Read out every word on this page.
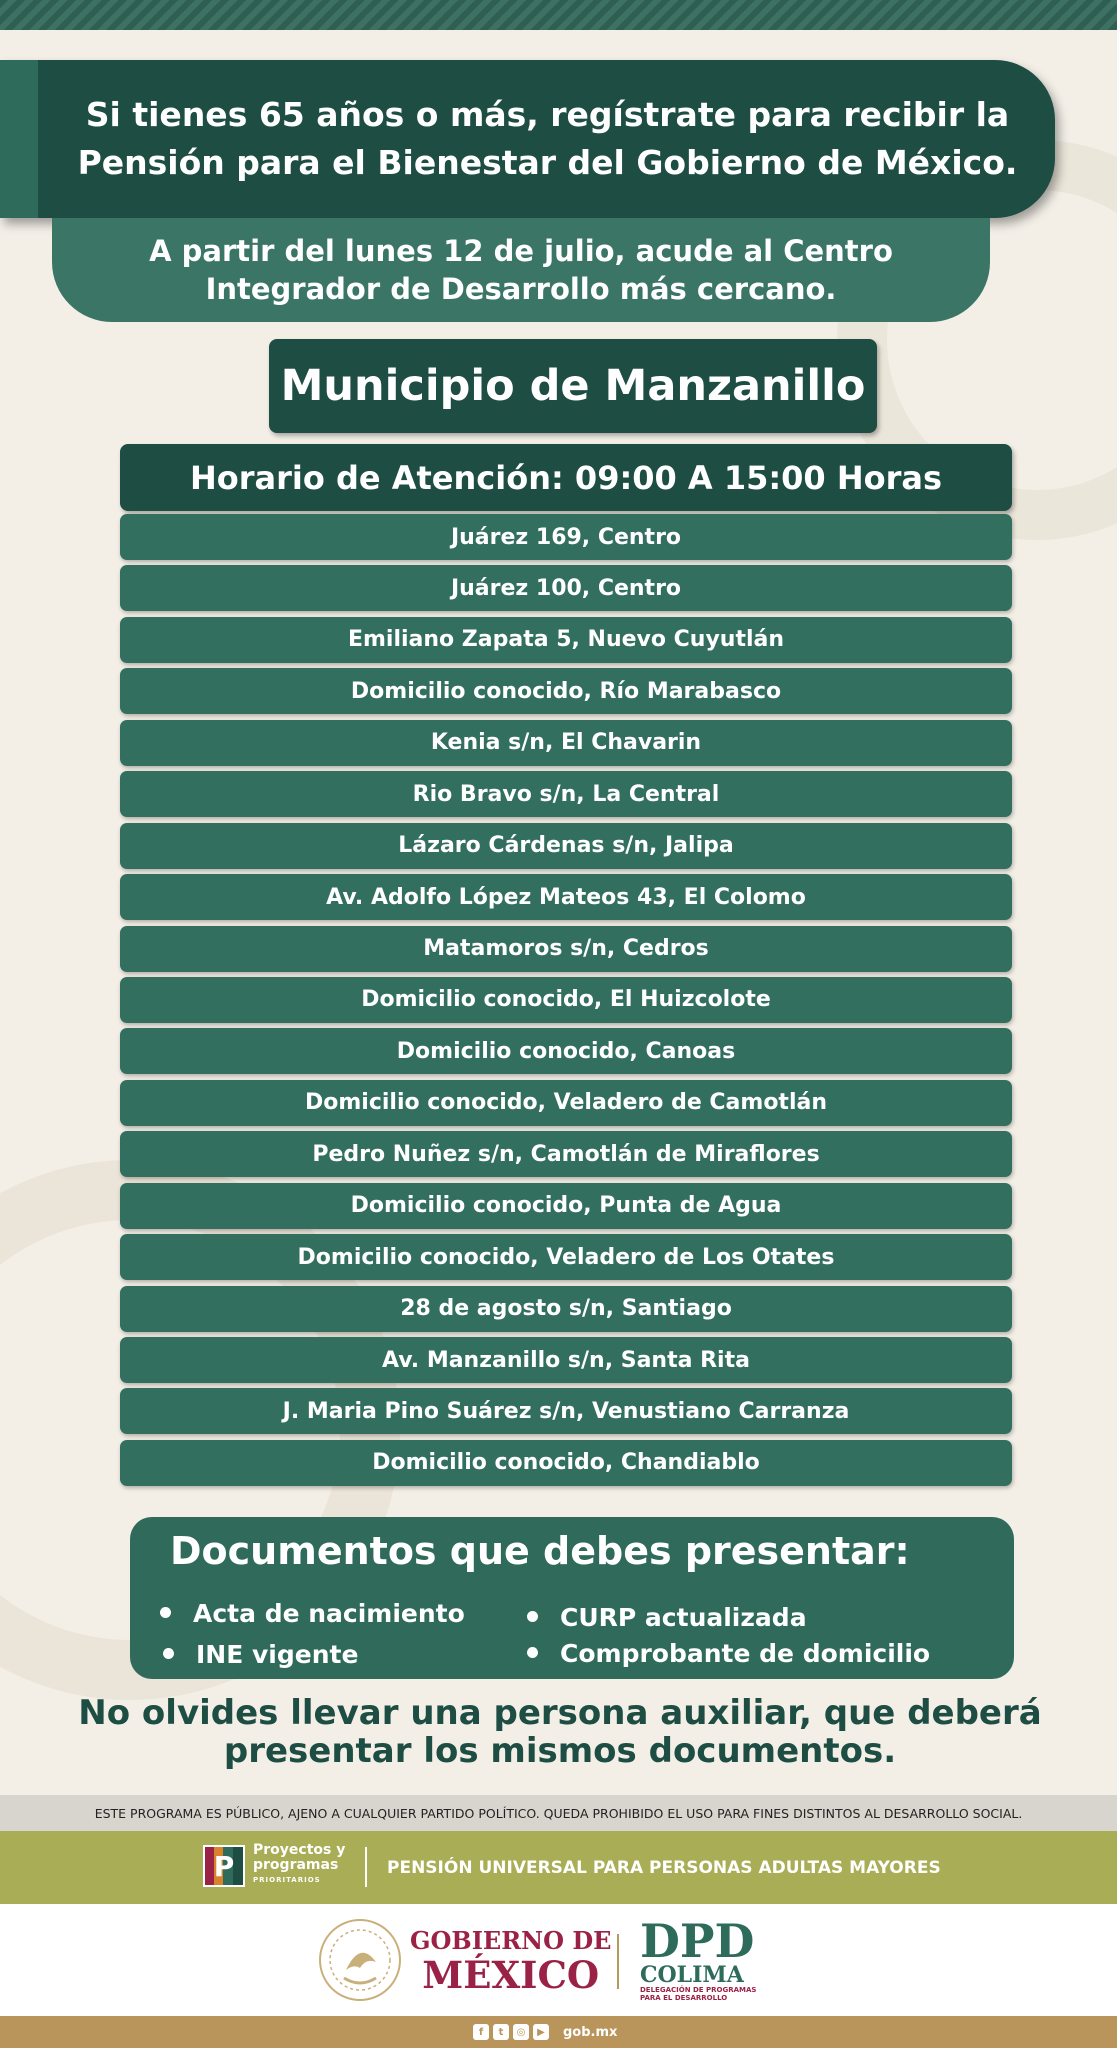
Si tienes 65 años o más, regístrate para recibir la Pensión para el Bienestar del Gobierno de México.
A partir del lunes 12 de julio, acude al Centro Integrador de Desarrollo más cercano.
Municipio de Manzanillo
Horario de Atención: 09:00 A 15:00 Horas
Juárez 169, Centro
Juárez 100, Centro
Emiliano Zapata 5, Nuevo Cuyutlán
Domicilio conocido, Río Marabasco
Kenia s/n, El Chavarin
Rio Bravo s/n, La Central
Lázaro Cárdenas s/n, Jalipa
Av. Adolfo López Mateos 43, El Colomo
Matamoros s/n, Cedros
Domicilio conocido, El Huizcolote
Domicilio conocido, Canoas
Domicilio conocido, Veladero de Camotlán
Pedro Nuñez s/n, Camotlán de Miraflores
Domicilio conocido, Punta de Agua
Domicilio conocido, Veladero de Los Otates
28 de agosto s/n, Santiago
Av. Manzanillo s/n, Santa Rita
J. Maria Pino Suárez s/n, Venustiano Carranza
Domicilio conocido, Chandiablo
Documentos que debes presentar:
Acta de nacimiento	CURP actualizada
INE vigente	Comprobante de domicilio
No olvides llevar una persona auxiliar, que deberá presentar los mismos documentos.
ESTE PROGRAMA ES PÚBLICO, AJENO A CUALQUIER PARTIDO POLÍTICO. QUEDA PROHIBIDO EL USO PARA FINES DISTINTOS AL DESARROLLO SOCIAL.
P Proyectos y
programas
PRIORITARIOS
PENSIÓN UNIVERSAL PARA PERSONAS ADULTAS MAYORES
GOBIERNO DE
MÉXICO
DPD
COLIMA
DELEGACIÓN DE PROGRAMAS
PARA EL DESARROLLO
f	t	◎	▶	gob.mx
